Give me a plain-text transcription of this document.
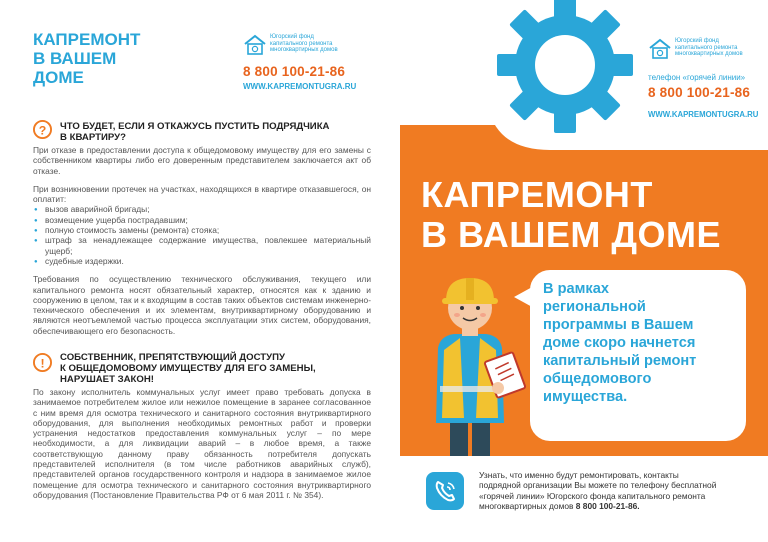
КАПРЕМОНТ
В ВАШЕМ
ДОМЕ
Югорский фонд
капитального ремонта
многоквартирных домов
8 800 100-21-86
WWW.KAPREMONTUGRA.RU
? ЧТО БУДЕТ, ЕСЛИ Я ОТКАЖУСЬ ПУСТИТЬ ПОДРЯДЧИКА
В КВАРТИРУ?

При отказе в предоставлении доступа к общедомовому имуществу для его замены с собственником квартиры либо его доверенным представителем заключается акт об отказе.

При возникновении протечек на участках, находящихся в квартире отказавшегося, он оплатит:

● вызов аварийной бригады;
● возмещение ущерба пострадавшим;
● полную стоимость замены (ремонта) стояка;
● штраф за ненадлежащее содержание имущества, повлекшее материальный ущерб;
● судебные издержки.

Требования по осуществлению технического обслуживания, текущего или капитального ремонта носят обязательный характер, относятся как к зданию и сооружению в целом, так и к входящим в состав таких объектов системам инженерно-технического обеспечения и их элементам, внутриквартирному оборудованию и являются неотъемлемой частью процесса эксплуатации этих систем, оборудования, обеспечивающего его безопасность.

! СОБСТВЕННИК, ПРЕПЯТСТВУЮЩИЙ ДОСТУПУ
К ОБЩЕДОМОВОМУ ИМУЩЕСТВУ ДЛЯ ЕГО ЗАМЕНЫ,
НАРУШАЕТ ЗАКОН!

По закону исполнитель коммунальных услуг имеет право требовать допуска в занимаемое потребителем жилое или нежилое помещение в заранее согласованное с ним время для осмотра технического и санитарного состояния внутриквартирного оборудования, для выполнения необходимых ремонтных работ и проверки устранения недостатков предоставления коммунальных услуг – по мере необходимости, а для ликвидации аварий – в любое время, а также соответствующую данному праву обязанность потребителя допускать представителей исполнителя (в том числе работников аварийных служб), представителей органов государственного контроля и надзора в занимаемое жилое помещение для осмотра технического и санитарного состояния внутриквартирного оборудования (Постановление Правительства РФ от 6 мая 2011 г. № 354).

Югорский фонд
капитального ремонта
многоквартирных домов
телефон «горячей линии»
8 800 100-21-86
WWW.KAPREMONTUGRA.RU
КАПРЕМОНТ
В ВАШЕМ ДОМЕ
В рамках
региональной
программы в Вашем
доме скоро начнется
капитальный ремонт
общедомового
имущества.
Узнать, что именно будут ремонтировать, контакты
подрядной организации Вы можете по телефону бесплатной
«горячей линии» Югорского фонда капитального ремонта
многоквартирных домов 8 800 100-21-86.
